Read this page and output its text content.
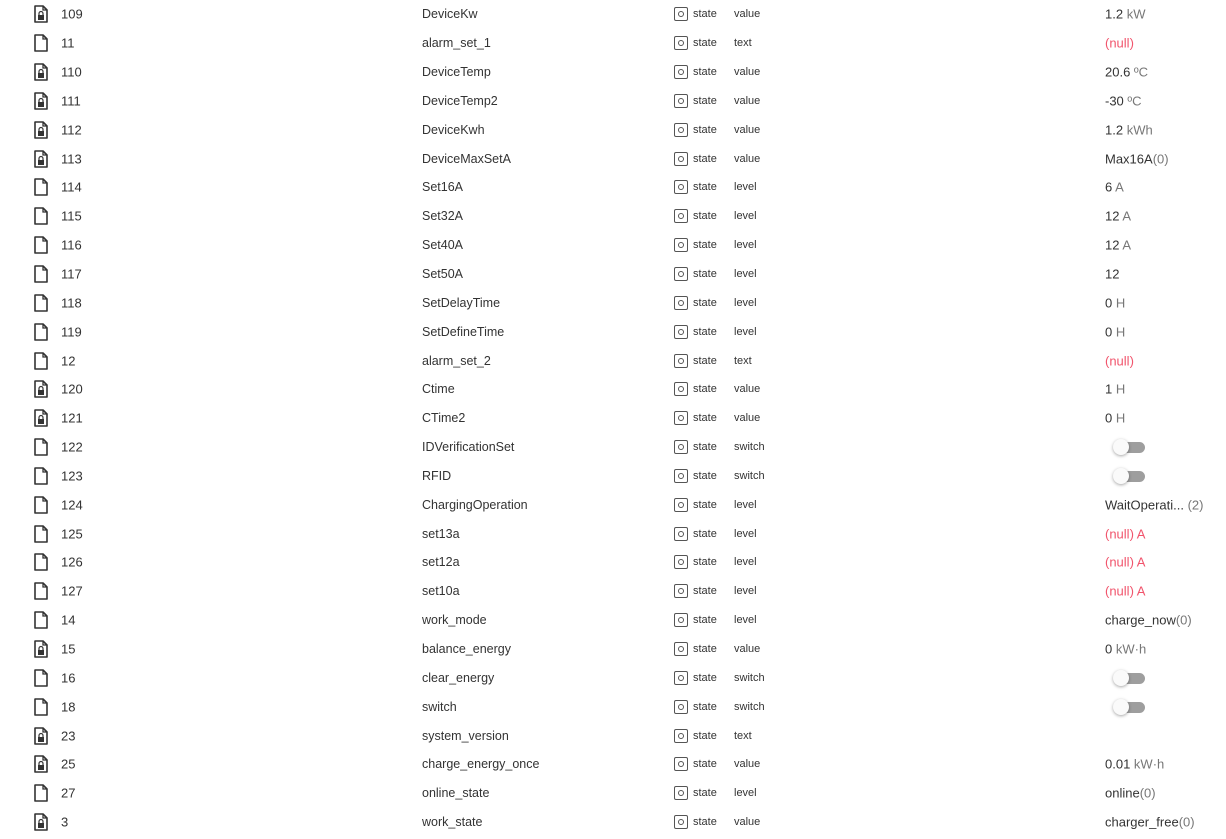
109	DeviceKw	state value	1.2 kW
11	alarm_set_1	state text	(null)
110	DeviceTemp	state value	20.6 ºC
111	DeviceTemp2	state value	-30 ºC
112	DeviceKwh	state value	1.2 kWh
113	DeviceMaxSetA	state value	Max16A(0)
114	Set16A	state level	6 A
115	Set32A	state level	12 A
116	Set40A	state level	12 A
117	Set50A	state level	12
118	SetDelayTime	state level	0 H
119	SetDefineTime	state level	0 H
12	alarm_set_2	state text	(null)
120	Ctime	state value	1 H
121	CTime2	state value	0 H
122	IDVerificationSet	state switch
123	RFID	state switch
124	ChargingOperation	state level	WaitOperati... (2)
125	set13a	state level	(null) A
126	set12a	state level	(null) A
127	set10a	state level	(null) A
14	work_mode	state level	charge_now(0)
15	balance_energy	state value	0 kW·h
16	clear_energy	state switch
18	switch	state switch
23	system_version	state text
25	charge_energy_once	state value	0.01 kW·h
27	online_state	state level	online(0)
3	work_state	state value	charger_free(0)
